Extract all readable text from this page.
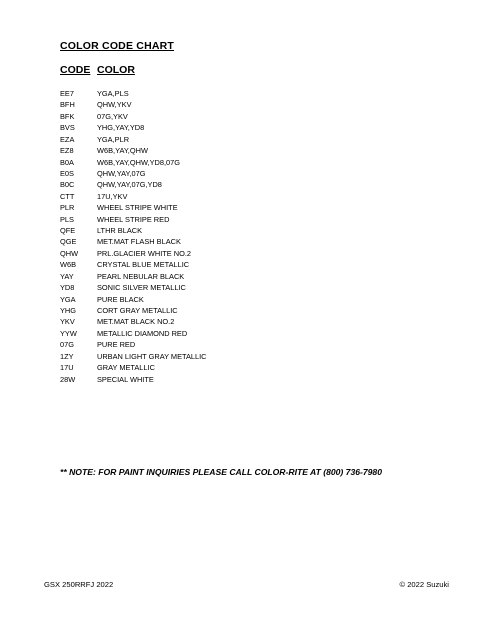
COLOR CODE CHART
CODE COLOR
EE7	YGA,PLS
BFH	QHW,YKV
BFK	07G,YKV
BVS	YHG,YAY,YD8
EZA	YGA,PLR
EZ8	W6B,YAY,QHW
B0A	W6B,YAY,QHW,YD8,07G
E0S	QHW,YAY,07G
B0C	QHW,YAY,07G,YD8
CTT	17U,YKV
PLR	WHEEL STRIPE WHITE
PLS	WHEEL STRIPE RED
QFE	LTHR BLACK
QGE	MET.MAT FLASH BLACK
QHW	PRL.GLACIER WHITE NO.2
W6B	CRYSTAL BLUE METALLIC
YAY	PEARL NEBULAR BLACK
YD8	SONIC SILVER METALLIC
YGA	PURE BLACK
YHG	CORT GRAY METALLIC
YKV	MET.MAT BLACK NO.2
YYW	METALLIC DIAMOND RED
07G	PURE RED
1ZY	URBAN LIGHT GRAY METALLIC
17U	GRAY METALLIC
28W	SPECIAL WHITE
** NOTE: FOR PAINT INQUIRIES PLEASE CALL COLOR-RITE AT (800) 736-7980
GSX 250RRFJ 2022	© 2022 Suzuki
